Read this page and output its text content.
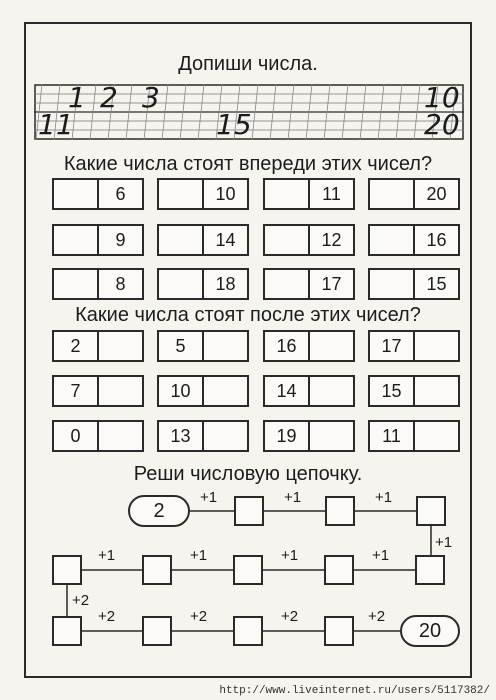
Допиши числа.
1 2 3	10
11	15	20
Какие числа стоят впереди этих чисел?
6	10	11	20
9	14	12	16
8	18	17	15
Какие числа стоят после этих чисел?
2	5	16	17
7	10	14	15
0	13	19	11
Реши числовую цепочку.
2
+1	+1	+1
+1
+1	+1	+1	+1
+2
+2	+2	+2	+2
20
http://www.liveinternet.ru/users/5117382/
